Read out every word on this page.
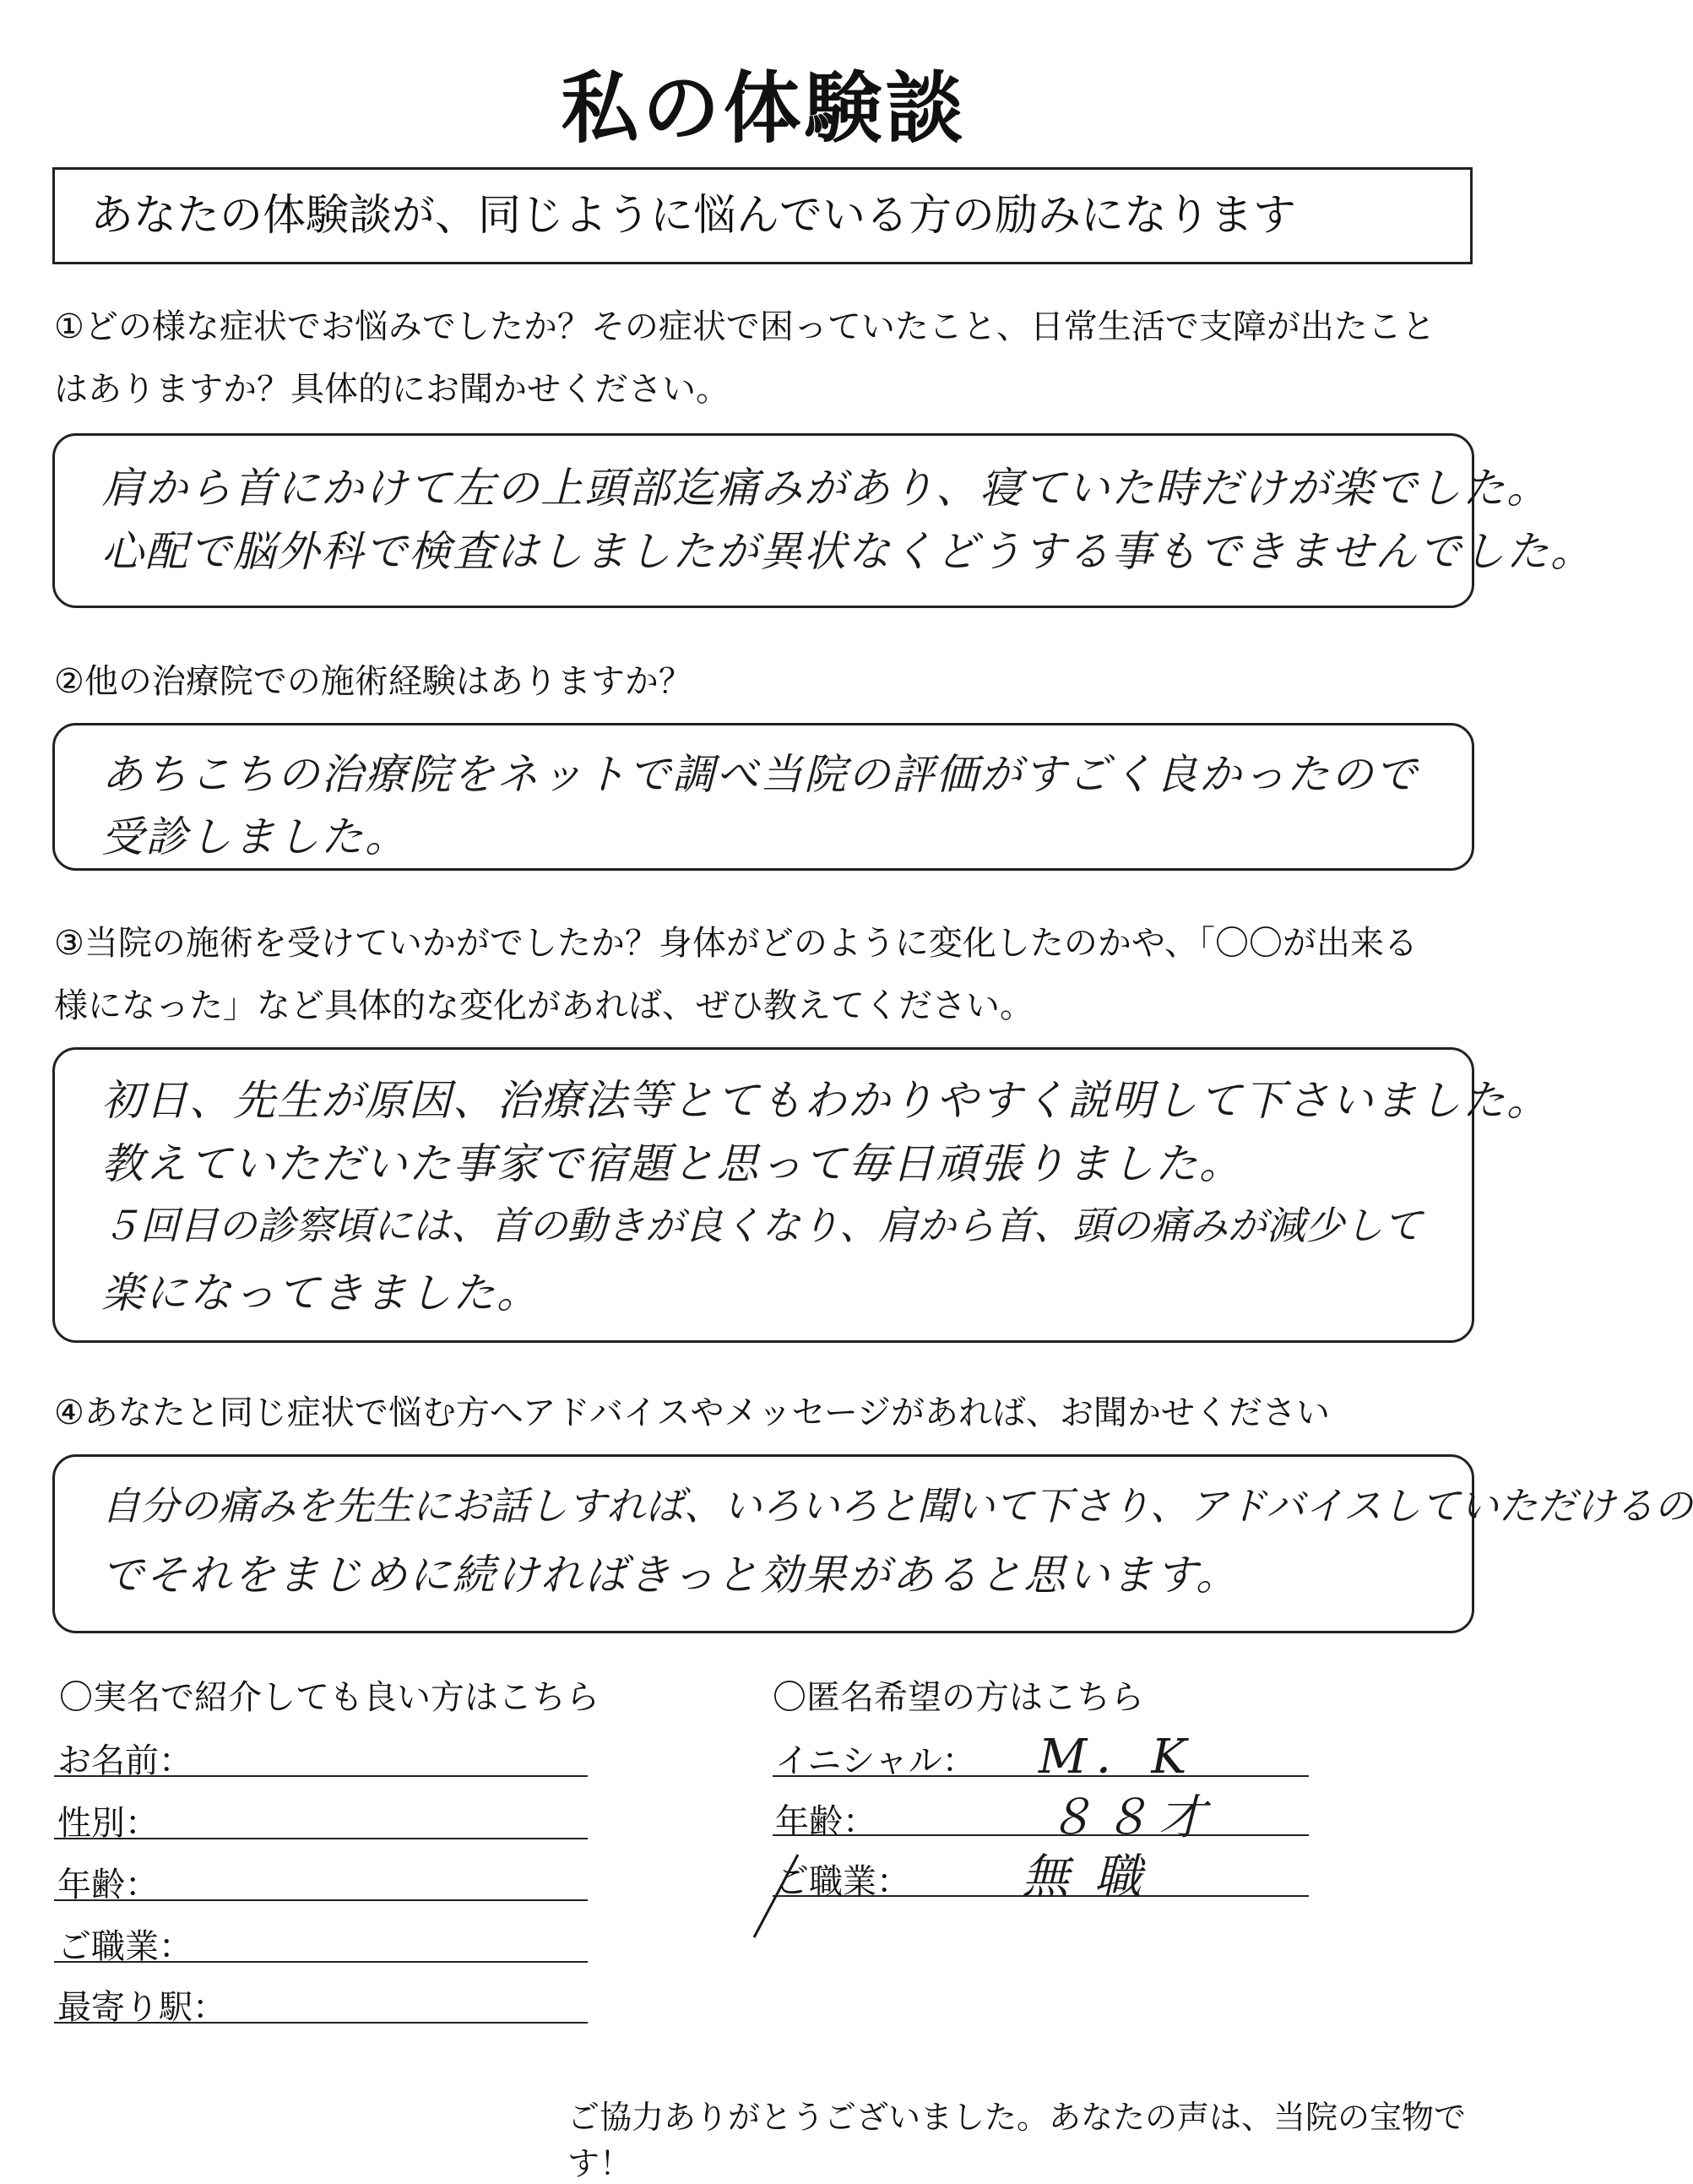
私の体験談
あなたの体験談が、同じように悩んでいる方の励みになります
①どの様な症状でお悩みでしたか？その症状で困っていたこと、日常生活で支障が出たこと
はありますか？具体的にお聞かせください。
肩から首にかけて左の上頭部迄痛みがあり、寝ていた時だけが楽でした。
心配で脳外科で検査はしましたが異状なくどうする事もできませんでした。
②他の治療院での施術経験はありますか？
あちこちの治療院をネットで調べ当院の評価がすごく良かったので
受診しました。
③当院の施術を受けていかがでしたか？身体がどのように変化したのかや、「〇〇が出来る
様になった」など具体的な変化があれば、ぜひ教えてください。
初日、先生が原因、治療法等とてもわかりやすく説明して下さいました。
教えていただいた事家で宿題と思って毎日頑張りました。
５回目の診察頃には、首の動きが良くなり、肩から首、頭の痛みが減少して
楽になってきました。
④あなたと同じ症状で悩む方へアドバイスやメッセージがあれば、お聞かせください
自分の痛みを先生にお話しすれば、いろいろと聞いて下さり、アドバイスしていただけるの
でそれをまじめに続ければきっと効果があると思います。
〇実名で紹介しても良い方はこちら
お名前：
性別：
年齢：
ご職業：
最寄り駅：
〇匿名希望の方はこちら
イニシャル： M．K
年齢：	８８才
ご職業： 無職
ご協力ありがとうございました。あなたの声は、当院の宝物です！
